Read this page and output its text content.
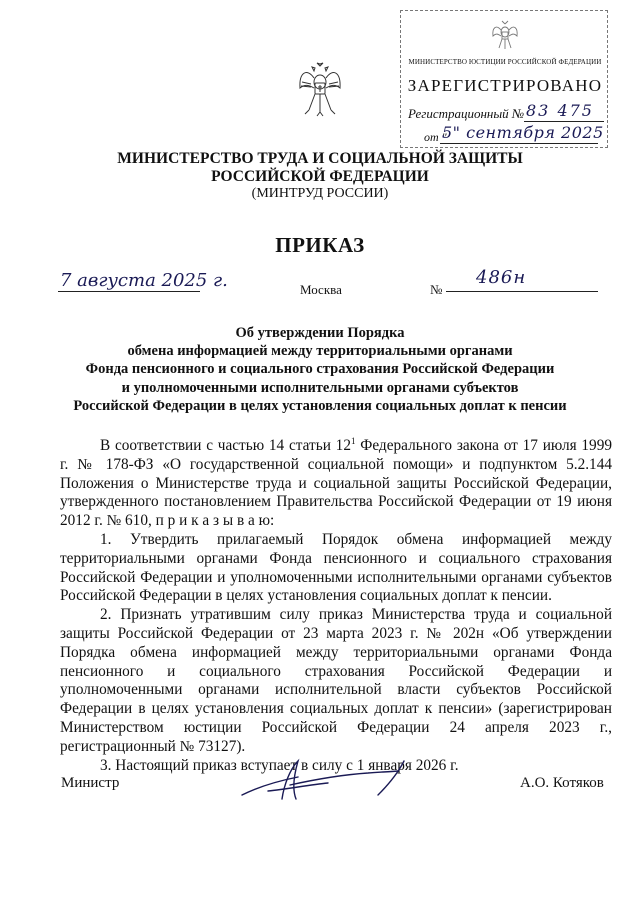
МИНИСТЕРСТВО ЮСТИЦИИ РОССИЙСКОЙ ФЕДЕРАЦИИ
ЗАРЕГИСТРИРОВАНО
Регистрационный № 83 475
от "
5" сентября 2025
МИНИСТЕРСТВО ТРУДА И СОЦИАЛЬНОЙ ЗАЩИТЫ
РОССИЙСКОЙ ФЕДЕРАЦИИ
(МИНТРУД РОССИИ)
ПРИКАЗ
7 августа 2025 г.	Москва	№
486н
Об утверждении Порядка
обмена информацией между территориальными органами
Фонда пенсионного и социального страхования Российской Федерации
и уполномоченными исполнительными органами субъектов
Российской Федерации в целях установления социальных доплат к пенсии

В соответствии с частью 14 статьи $12^1$ Федерального закона от 17 июля 1999 г. № 178-ФЗ «О государственной социальной помощи» и подпунктом 5.2.144 Положения о Министерстве труда и социальной защиты Российской Федерации, утвержденного постановлением Правительства Российской Федерации от 19 июня 2012 г. № 610, п р и к а з ы в а ю:

1. Утвердить прилагаемый Порядок обмена информацией между территориальными органами Фонда пенсионного и социального страхования Российской Федерации и уполномоченными исполнительными органами субъектов Российской Федерации в целях установления социальных доплат к пенсии.

2. Признать утратившим силу приказ Министерства труда и социальной защиты Российской Федерации от 23 марта 2023 г. № 202н «Об утверждении Порядка обмена информацией между территориальными органами Фонда пенсионного и социального страхования Российской Федерации и уполномоченными органами исполнительной власти субъектов Российской Федерации в целях установления социальных доплат к пенсии» (зарегистрирован Министерством юстиции Российской Федерации 24 апреля 2023 г., регистрационный № 73127).

3. Настоящий приказ вступает в силу с 1 января 2026 г.

Министр	А.О. Котяков
